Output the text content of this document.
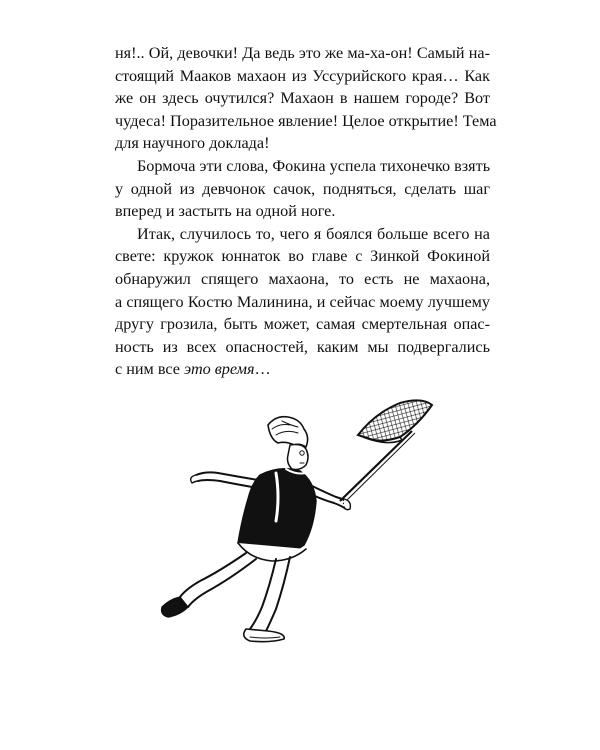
ня!.. Ой, девочки! Да ведь это же ма-ха-он! Самый на-
стоящий Мааков махаон из Уссурийского края… Как
же он здесь очутился? Махаон в нашем городе? Вот
чудеса! Поразительное явление! Целое открытие! Тема
для научного доклада!

Бормоча эти слова, Фокина успела тихонечко взять
у одной из девчонок сачок, подняться, сделать шаг
вперед и застыть на одной ноге.

Итак, случилось то, чего я боялся больше всего на
свете: кружок юннаток во главе с Зинкой Фокиной
обнаружил спящего махаона, то есть не махаона,
а спящего Костю Малинина, и сейчас моему лучшему
другу грозила, быть может, самая смертельная опас-
ность из всех опасностей, каким мы подвергались
с ним все это время…
